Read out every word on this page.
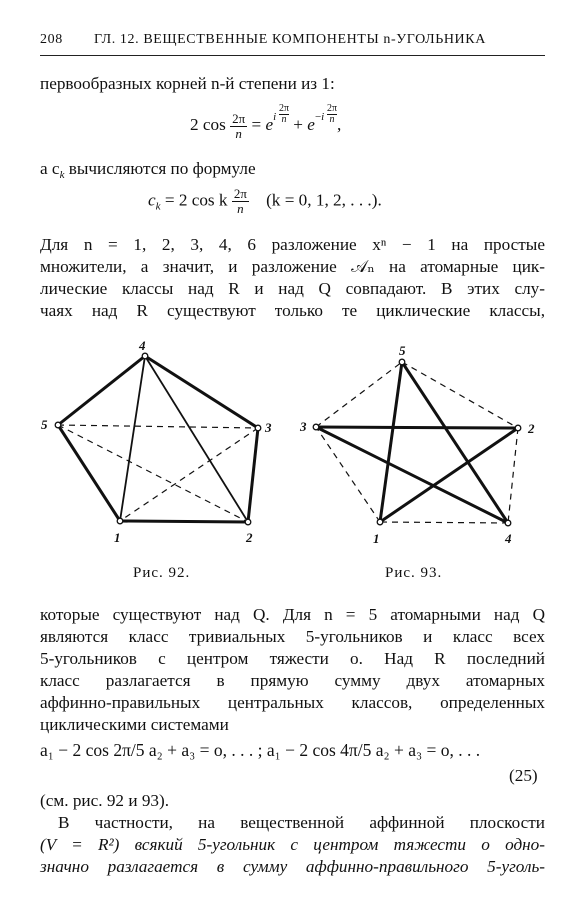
208 ГЛ. 12. ВЕЩЕСТВЕННЫЕ КОМПОНЕНТЫ n-УГОЛЬНИКА
первообразных корней n-й степени из 1:
2 $\cos \frac{2\pi}{n} = e^{i \frac{2\pi}{n}} + e^{-i \frac{2\pi}{n}}$ ,
а $c_k$ вычисляются по формуле
$c_k = 2$ cos k $\frac{2\pi}{n} (k = 0$, 1, 2, . . .).
Для n = 1, 2, 3, 4, 6 разложение xⁿ − 1 на простые
множители, а значит, и разложение 𝒜ₙ на атомарные цик-
лические классы над R и над Q совпадают. В этих слу-
чаях над R существуют только те циклические классы,
4
5	3
1	2
Рис. 92.
5
3	2
1	4
Рис. 93.
которые существуют над Q. Для n = 5 атомарными над Q
являются класс тривиальных 5-угольников и класс всех
5-угольников с центром тяжести o. Над R последний
класс разлагается в прямую сумму двух атомарных
аффинно-правильных центральных классов, определенных
циклическими системами
a₁ − 2 cos 2π/5 a₂ + a₃ = o, . . . ; a₁ − 2 cos 4π/5 a₂ + a₃ = o, . . .
(25)
(см. рис. 92 и 93).
В частности, на вещественной аффинной плоскости
(V = R²) всякий 5-угольник с центром тяжести o одно-
значно разлагается в сумму аффинно-правильного 5-уголь-
